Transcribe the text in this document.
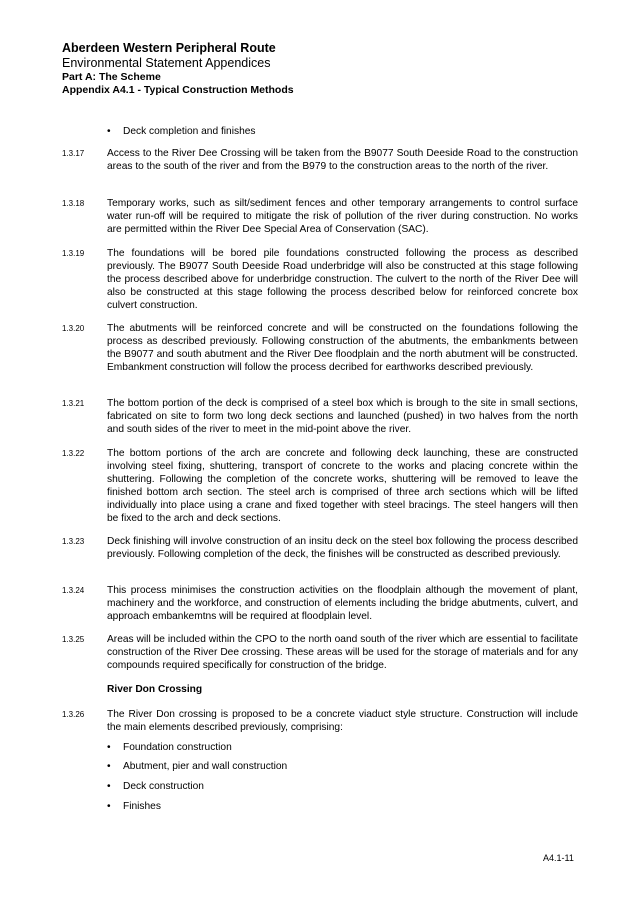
Aberdeen Western Peripheral Route
Environmental Statement Appendices
Part A: The Scheme
Appendix A4.1 - Typical Construction Methods
• Deck completion and finishes
1.3.17 Access to the River Dee Crossing will be taken from the B9077 South Deeside Road to the construction areas to the south of the river and from the B979 to the construction areas to the north of the river.
1.3.18 Temporary works, such as silt/sediment fences and other temporary arrangements to control surface water run-off will be required to mitigate the risk of pollution of the river during construction. No works are permitted within the River Dee Special Area of Conservation (SAC).
1.3.19 The foundations will be bored pile foundations constructed following the process as described previously. The B9077 South Deeside Road underbridge will also be constructed at this stage following the process described above for underbridge construction. The culvert to the north of the River Dee will also be constructed at this stage following the process described below for reinforced concrete box culvert construction.
1.3.20 The abutments will be reinforced concrete and will be constructed on the foundations following the process as described previously. Following construction of the abutments, the embankments between the B9077 and south abutment and the River Dee floodplain and the north abutment will be constructed. Embankment construction will follow the process decribed for earthworks described previously.
1.3.21 The bottom portion of the deck is comprised of a steel box which is brough to the site in small sections, fabricated on site to form two long deck sections and launched (pushed) in two halves from the north and south sides of the river to meet in the mid-point above the river.
1.3.22 The bottom portions of the arch are concrete and following deck launching, these are constructed involving steel fixing, shuttering, transport of concrete to the works and placing concrete within the shuttering. Following the completion of the concrete works, shuttering will be removed to leave the finished bottom arch section. The steel arch is comprised of three arch sections which will be lifted individually into place using a crane and fixed together with steel bracings. The steel hangers will then be fixed to the arch and deck sections.
1.3.23 Deck finishing will involve construction of an insitu deck on the steel box following the process described previously. Following completion of the deck, the finishes will be constructed as described previously.
1.3.24 This process minimises the construction activities on the floodplain although the movement of plant, machinery and the workforce, and construction of elements including the bridge abutments, culvert, and approach embankemtns will be required at floodplain level.
1.3.25 Areas will be included within the CPO to the north oand south of the river which are essential to facilitate construction of the River Dee crossing. These areas will be used for the storage of materials and for any compounds required specifically for construction of the bridge.
River Don Crossing
1.3.26 The River Don crossing is proposed to be a concrete viaduct style structure. Construction will include the main elements described previously, comprising:
• Foundation construction
• Abutment, pier and wall construction
• Deck construction
• Finishes
A4.1-11
